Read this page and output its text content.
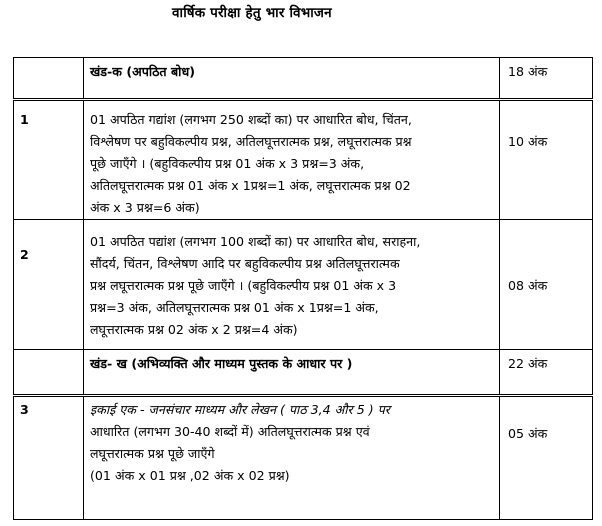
वार्षिक परीक्षा हेतु भार विभाजन
	खंड-क (अपठित बोध)	18 अंक

1	01 अपठित गद्यांश (लगभग 250 शब्दों का) पर आधारित बोध, चिंतन,
विश्लेषण पर बहुविकल्पीय प्रश्न, अतिलघूत्तरात्मक प्रश्न, लघूत्तरात्मक प्रश्न
पूछे जाएँगे । (बहुविकल्पीय प्रश्न 01 अंक x 3 प्रश्न=3 अंक,
अतिलघूत्तरात्मक प्रश्न 01 अंक x 1प्रश्न=1 अंक, लघूत्तरात्मक प्रश्न 02
अंक x 3 प्रश्न=6 अंक)	10 अंक

2	01 अपठित पद्यांश (लगभग 100 शब्दों का) पर आधारित बोध, सराहना,
सौंदर्य, चिंतन, विश्लेषण आदि पर बहुविकल्पीय प्रश्न अतिलघूत्तरात्मक
प्रश्न लघूत्तरात्मक प्रश्न पूछे जाएँगे । (बहुविकल्पीय प्रश्न 01 अंक x 3
प्रश्न=3 अंक, अतिलघूत्तरात्मक प्रश्न 01 अंक x 1प्रश्न=1 अंक,
लघूत्तरात्मक प्रश्न 02 अंक x 2 प्रश्न=4 अंक)	08 अंक

	खंड- ख (अभिव्यक्ति और माध्यम पुस्तक के आधार पर )	22 अंक

3	इकाई एक - जनसंचार माध्यम और लेखन ( पाठ 3,4 और 5 ) पर
आधारित (लगभग 30-40 शब्दों में) अतिलघूत्तरात्मक प्रश्न एवं
लघूत्तरात्मक प्रश्न पूछे जाएँगे
(01 अंक x 01 प्रश्न ,02 अंक x 02 प्रश्न)	05 अंक
